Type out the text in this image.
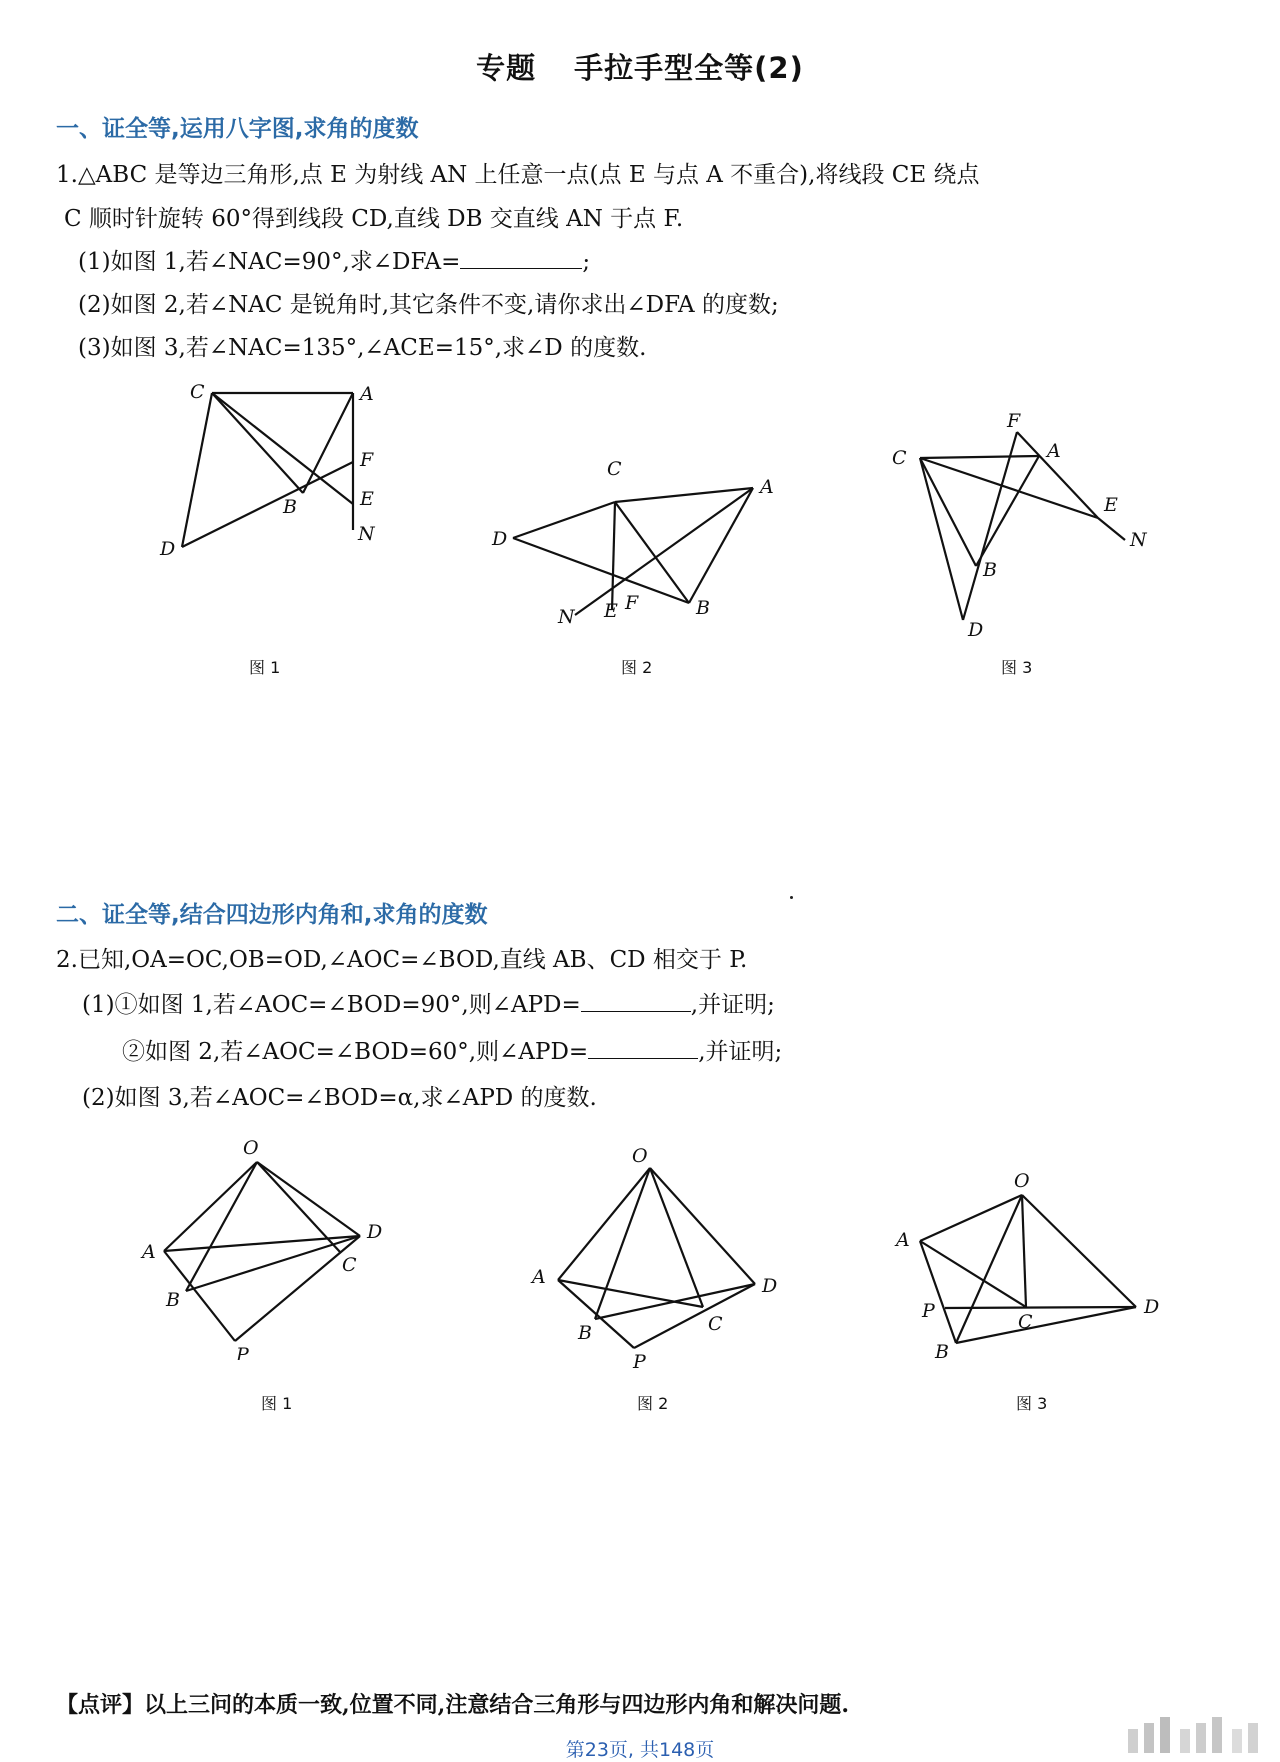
专题 手拉手型全等(2)
一、证全等,运用八字图,求角的度数
1.△ABC 是等边三角形,点 E 为射线 AN 上任意一点(点 E 与点 A 不重合),将线段 CE 绕点
C 顺时针旋转 60°得到线段 CD,直线 DB 交直线 AN 于点 F.
(1)如图 1,若∠NAC=90°,求∠DFA=	;
(2)如图 2,若∠NAC 是锐角时,其它条件不变,请你求出∠DFA 的度数;
(3)如图 3,若∠NAC=135°,∠ACE=15°,求∠D 的度数.
C	A
F
E
B
N
D
图 1
C
A
D
N E F	B
图 2
F
C	A
E
N
B
D
图 3
二、证全等,结合四边形内角和,求角的度数
2.已知,OA=OC,OB=OD,∠AOC=∠BOD,直线 AB、CD 相交于 P.
(1)①如图 1,若∠AOC=∠BOD=90°,则∠APD=	,并证明;
②如图 2,若∠AOC=∠BOD=60°,则∠APD=	,并证明;
(2)如图 3,若∠AOC=∠BOD=α,求∠APD 的度数.
O
D
A
C
B
P
图 1
O
A	D
B	C
P
图 2
O
A
P	C
D
B
图 3
【点评】以上三问的本质一致,位置不同,注意结合三角形与四边形内角和解决问题.
第23页, 共148页
